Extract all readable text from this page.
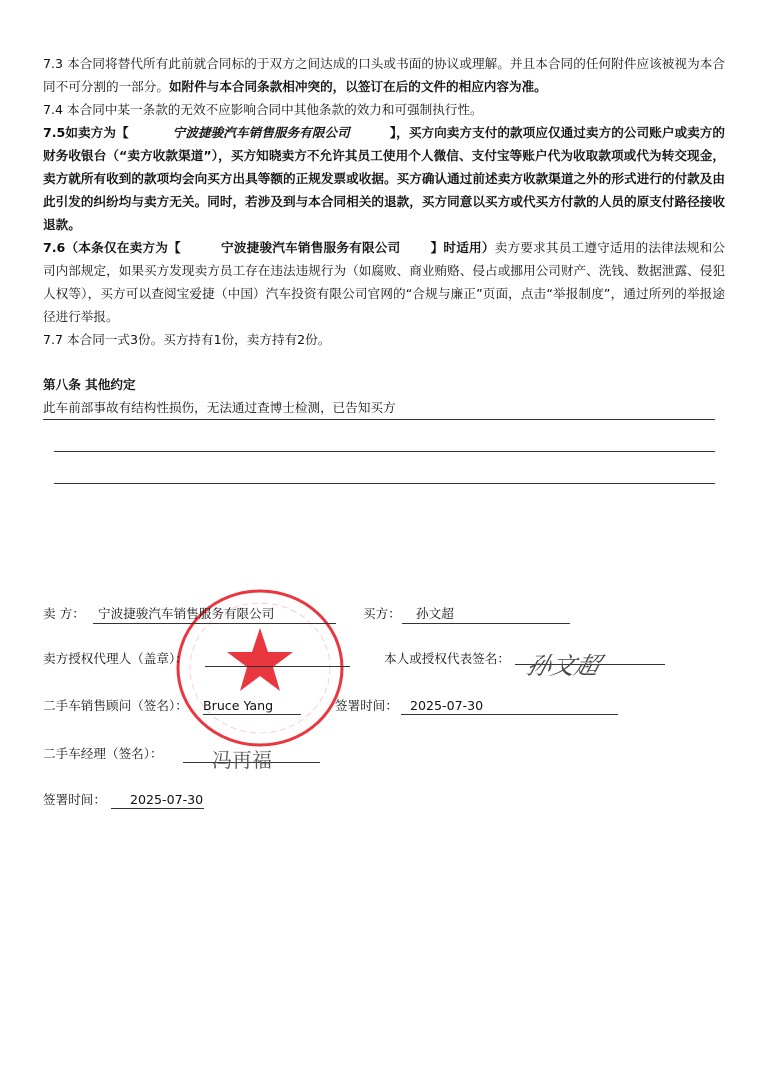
7.3 本合同将替代所有此前就合同标的于双方之间达成的口头或书面的协议或理解。并且本合同的任何附件应该被视为本合同不可分割的一部分。如附件与本合同条款相冲突的，以签订在后的文件的相应内容为准。

7.4 本合同中某一条款的无效不应影响合同中其他条款的效力和可强制执行性。

7.5如卖方为【	宁波捷骏汽车销售服务有限公司	】，买方向卖方支付的款项应仅通过卖方的公司账户或卖方的财务收银台（“卖方收款渠道”），买方知晓卖方不允许其员工使用个人微信、支付宝等账户代为收取款项或代为转交现金，卖方就所有收到的款项均会向买方出具等额的正规发票或收据。买方确认通过前述卖方收款渠道之外的形式进行的付款及由此引发的纠纷均与卖方无关。同时，若涉及到与本合同相关的退款，买方同意以买方或代买方付款的人员的原支付路径接收退款。

7.6（本条仅在卖方为【	宁波捷骏汽车销售服务有限公司 】时适用）卖方要求其员工遵守适用的法律法规和公司内部规定，如果买方发现卖方员工存在违法违规行为（如腐败、商业贿赂、侵占或挪用公司财产、洗钱、数据泄露、侵犯人权等），买方可以查阅宝爱捷（中国）汽车投资有限公司官网的“合规与廉正”页面，点击“举报制度”，通过所列的举报途径进行举报。

7.7 本合同一式3份。买方持有1份，卖方持有2份。

第八条 其他约定

此车前部事故有结构性损伤，无法通过查博士检测，已告知买方

卖 方： 宁波捷骏汽车销售服务有限公司	买方： 孙文超
卖方授权代理人（盖章）：	本人或授权代表签名： 孙文超
二手车销售顾问（签名）： Bruce Yang	签署时间： 2025-07-30
二手车经理（签名）： 冯再福
签署时间： 2025-07-30
